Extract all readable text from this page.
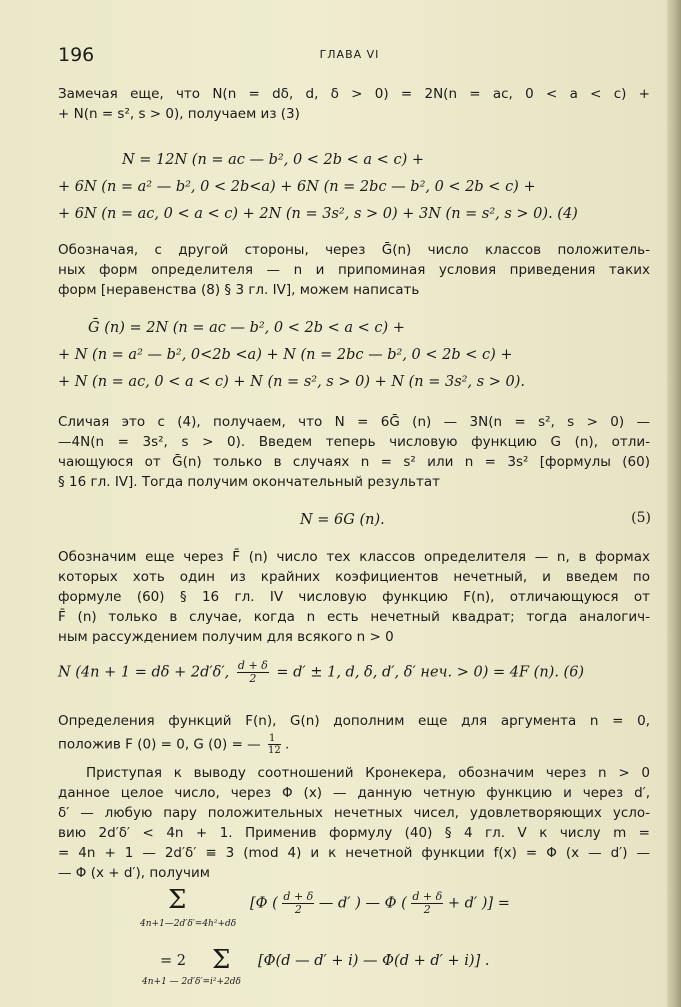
196	ГЛАВА VI

Замечая еще, что N(n = dδ, d, δ > 0) = 2N(n = ac, 0 < a < c) +

+ N(n = s², s > 0), получаем из (3)

N = 12N (n = ac — b², 0 < 2b < a < c) +
+ 6N (n = a² — b², 0 < 2b<a) + 6N (n = 2bc — b², 0 < 2b < c) +
+ 6N (n = ac, 0 < a < c) + 2N (n = 3s², s > 0) + 3N (n = s², s > 0). (4)

Обозначая, с другой стороны, через Ḡ(n) число классов положитель-

ных форм определителя — n и припоминая условия приведения таких

форм [неравенства (8) § 3 гл. IV], можем написать

Ḡ (n) = 2N (n = ac — b², 0 < 2b < a < c) +
+ N (n = a² — b², 0<2b <a) + N (n = 2bc — b², 0 < 2b < c) +
+ N (n = ac, 0 < a < c) + N (n = s², s > 0) + N (n = 3s², s > 0).

Сличая это с (4), получаем, что N = 6Ḡ (n) — 3N(n = s², s > 0) —

—4N(n = 3s², s > 0). Введем теперь числовую функцию G (n), отли-

чающуюся от Ḡ(n) только в случаях n = s² или n = 3s² [формулы (60)

§ 16 гл. IV]. Тогда получим окончательный результат

N = 6G (n).	(5)

Обозначим еще через F̄ (n) число тех классов определителя — n, в формах

которых хоть один из крайних коэфициентов нечетный, и введем по

формуле (60) § 16 гл. IV числовую функцию F(n), отличающуюся от

F̄ (n) только в случае, когда n есть нечетный квадрат; тогда аналогич-

ным рассуждением получим для всякого n > 0

N (4n + 1 = dδ + 2d′δ′, $\frac{d + \delta}{2} = d' \pm 1$, d, δ, d′, δ′ неч. > 0) = 4F (n). (6)

Определения функций F(n), G(n) дополним еще для аргумента n = 0,

положив F (0) = 0, G (0) = — $\frac{1}{12}$ .

Приступая к выводу соотношений Кронекера, обозначим через n > 0

данное целое число, через Φ (x) — данную четную функцию и через d′,

δ′ — любую пару положительных нечетных чисел, удовлетворяющих усло-

вию 2d′δ′ < 4n + 1. Применив формулу (40) § 4 гл. V к числу m =

= 4n + 1 — 2d′δ′ ≡ 3 (mod 4) и к нечетной функции f(x) = Φ (x — d′) —

— Φ (x + d′), получим

Σ
4n+1—2d′δ′=4h²+dδ
[Φ ( $\frac{d + \delta}{2}$ — d′ ) — Φ ( $\frac{d + \delta}{2} + d'$ )] =
= 2 Σ
4n+1 — 2d′δ′=i²+2dδ
[Φ(d — d′ + i) — Φ(d + d′ + i)] .
